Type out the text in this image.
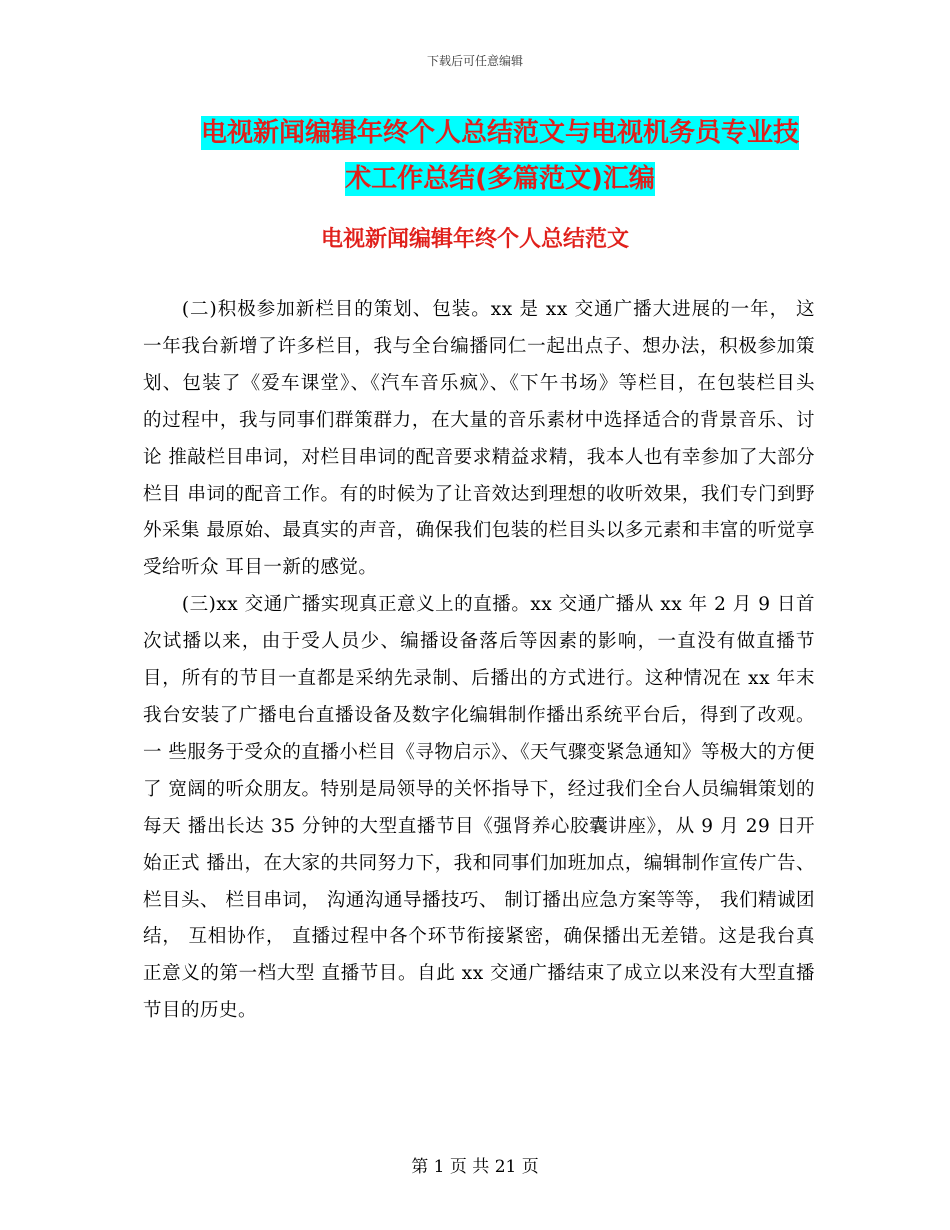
下载后可任意编辑
电视新闻编辑年终个人总结范文与电视机务员专业技
术工作总结(多篇范文)汇编
电视新闻编辑年终个人总结范文

(二)积极参加新栏目的策划、包装。xx 是 xx 交通广播大进展的一年， 这一年我台新增了许多栏目，我与全台编播同仁一起出点子、想办法，积极参加策 划、包装了《爱车课堂》、《汽车音乐疯》、《下午书场》等栏目，在包装栏目头 的过程中，我与同事们群策群力，在大量的音乐素材中选择适合的背景音乐、讨论 推敲栏目串词，对栏目串词的配音要求精益求精，我本人也有幸参加了大部分栏目 串词的配音工作。有的时候为了让音效达到理想的收听效果，我们专门到野外采集 最原始、最真实的声音，确保我们包装的栏目头以多元素和丰富的听觉享受给听众 耳目一新的感觉。

(三)xx 交通广播实现真正意义上的直播。xx 交通广播从 xx 年 2 月 9 日首次试播以来，由于受人员少、编播设备落后等因素的影响，一直没有做直播节 目，所有的节目一直都是采纳先录制、后播出的方式进行。这种情况在 xx 年末 我台安装了广播电台直播设备及数字化编辑制作播出系统平台后，得到了改观。一 些服务于受众的直播小栏目《寻物启示》、《天气骤变紧急通知》等极大的方便了 宽阔的听众朋友。特别是局领导的关怀指导下，经过我们全台人员编辑策划的每天 播出长达 35 分钟的大型直播节目《强肾养心胶囊讲座》，从 9 月 29 日开始正式 播出，在大家的共同努力下，我和同事们加班加点，编辑制作宣传广告、栏目头、 栏目串词， 沟通沟通导播技巧、 制订播出应急方案等等， 我们精诚团结， 互相协作， 直播过程中各个环节衔接紧密，确保播出无差错。这是我台真正意义的第一档大型 直播节目。自此 xx 交通广播结束了成立以来没有大型直播节目的历史。

第 1 页 共 21 页
